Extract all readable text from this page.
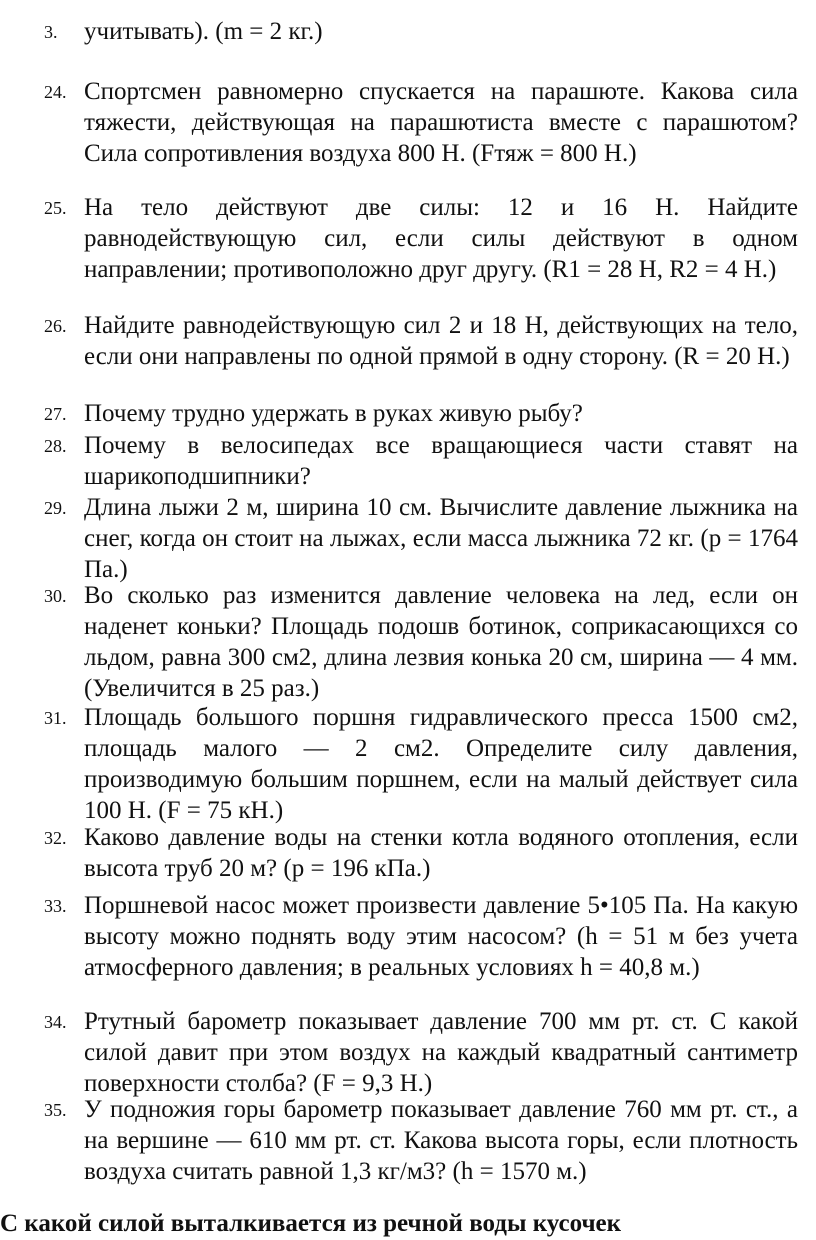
3. учитывать). (m = 2 кг.)
24. Спортсмен равномерно спускается на парашюте. Какова сила тяжести, действующая на парашютиста вместе с парашютом? Сила сопротивления воздуха 800 Н. (Fтяж = 800 Н.)
25. На тело действуют две силы: 12 и 16 Н. Найдите равнодействующую сил, если силы действуют в одном направлении; противоположно друг другу. (R1 = 28 Н, R2 = 4 Н.)
26. Найдите равнодействующую сил 2 и 18 Н, действующих на тело, если они направлены по одной прямой в одну сторону. (R = 20 Н.)
27. Почему трудно удержать в руках живую рыбу?
28. Почему в велосипедах все вращающиеся части ставят на шарикоподшипники?
29. Длина лыжи 2 м, ширина 10 см. Вычислите давление лыжника на снег, когда он стоит на лыжах, если масса лыжника 72 кг. (p = 1764 Па.)
30. Во сколько раз изменится давление человека на лед, если он наденет коньки? Площадь подошв ботинок, соприкасающихся со льдом, равна 300 см2, длина лезвия конька 20 см, ширина — 4 мм. (Увеличится в 25 раз.)
31. Площадь большого поршня гидравлического пресса 1500 см2, площадь малого — 2 см2. Определите силу давления, производимую большим поршнем, если на малый действует сила 100 Н. (F = 75 кН.)
32. Каково давление воды на стенки котла водяного отопления, если высота труб 20 м? (p = 196 кПа.)
33. Поршневой насос может произвести давление 5•105 Па. На какую высоту можно поднять воду этим насосом? (h = 51 м без учета атмосферного давления; в реальных условиях h = 40,8 м.)
34. Ртутный барометр показывает давление 700 мм рт. ст. С какой силой давит при этом воздух на каждый квадратный сантиметр поверхности столба? (F = 9,3 Н.)
35. У подножия горы барометр показывает давление 760 мм рт. ст., а на вершине — 610 мм рт. ст. Какова высота горы, если плотность воздуха считать равной 1,3 кг/м3? (h = 1570 м.)
С какой силой выталкивается из речной воды кусочек
